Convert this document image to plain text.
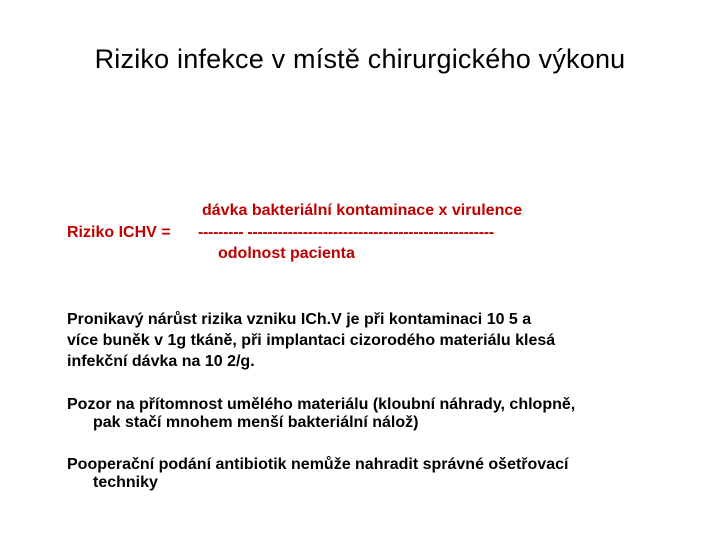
Riziko infekce v místě chirurgického výkonu
dávka bakteriální kontaminace x virulence
Riziko ICHV = --------- -------------------------------------------------
odolnost pacienta
Pronikavý nárůst rizika vzniku ICh.V je při kontaminaci 10 5 a
více buněk v 1g tkáně, při implantaci cizorodého materiálu klesá
infekční dávka na 10 2/g.
Pozor na přítomnost umělého materiálu (kloubní náhrady, chlopně,
pak stačí mnohem menší bakteriální nálož)
Pooperační podání antibiotik nemůže nahradit správné ošetřovací
techniky
